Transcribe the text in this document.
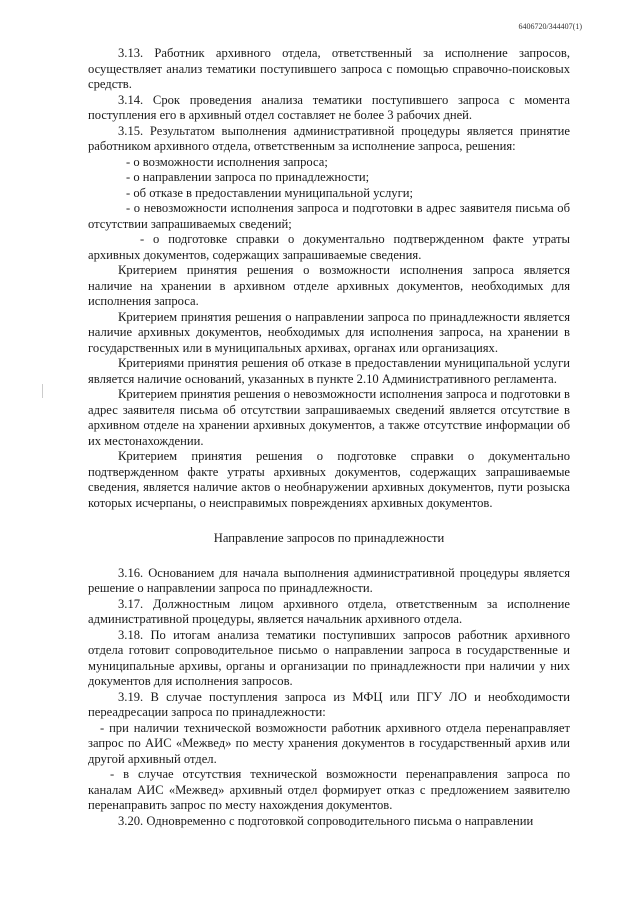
6406720/344407(1)

3.13. Работник архивного отдела, ответственный за исполнение запросов, осуществляет анализ тематики поступившего запроса с помощью справочно-поисковых средств.

3.14. Срок проведения анализа тематики поступившего запроса с момента поступления его в архивный отдел составляет не более 3 рабочих дней.

3.15. Результатом выполнения административной процедуры является принятие работником архивного отдела, ответственным за исполнение запроса, решения:

- о возможности исполнения запроса;

- о направлении запроса по принадлежности;

- об отказе в предоставлении муниципальной услуги;

- о невозможности исполнения запроса и подготовки в адрес заявителя письма об отсутствии запрашиваемых сведений;

- о подготовке справки о документально подтвержденном факте утраты архивных документов, содержащих запрашиваемые сведения.

Критерием принятия решения о возможности исполнения запроса является наличие на хранении в архивном отделе архивных документов, необходимых для исполнения запроса.

Критерием принятия решения о направлении запроса по принадлежности является наличие архивных документов, необходимых для исполнения запроса, на хранении в государственных или в муниципальных архивах, органах или организациях.

Критериями принятия решения об отказе в предоставлении муниципальной услуги является наличие оснований, указанных в пункте 2.10 Административного регламента.

Критерием принятия решения о невозможности исполнения запроса и подготовки в адрес заявителя письма об отсутствии запрашиваемых сведений является отсутствие в архивном отделе на хранении архивных документов, а также отсутствие информации об их местонахождении.

Критерием принятия решения о подготовке справки о документально подтвержденном факте утраты архивных документов, содержащих запрашиваемые сведения, является наличие актов о необнаружении архивных документов, пути розыска которых исчерпаны, о неисправимых повреждениях архивных документов.

Направление запросов по принадлежности

3.16. Основанием для начала выполнения административной процедуры является решение о направлении запроса по принадлежности.

3.17. Должностным лицом архивного отдела, ответственным за исполнение административной процедуры, является начальник архивного отдела.

3.18. По итогам анализа тематики поступивших запросов работник архивного отдела готовит сопроводительное письмо о направлении запроса в государственные и муниципальные архивы, органы и организации по принадлежности при наличии у них документов для исполнения запросов.

3.19. В случае поступления запроса из МФЦ или ПГУ ЛО и необходимости переадресации запроса по принадлежности:

- при наличии технической возможности работник архивного отдела перенаправляет запрос по АИС «Межвед» по месту хранения документов в государственный архив или другой архивный отдел.

- в случае отсутствия технической возможности перенаправления запроса по каналам АИС «Межвед» архивный отдел формирует отказ с предложением заявителю перенаправить запрос по месту нахождения документов.

3.20. Одновременно с подготовкой сопроводительного письма о направлении
